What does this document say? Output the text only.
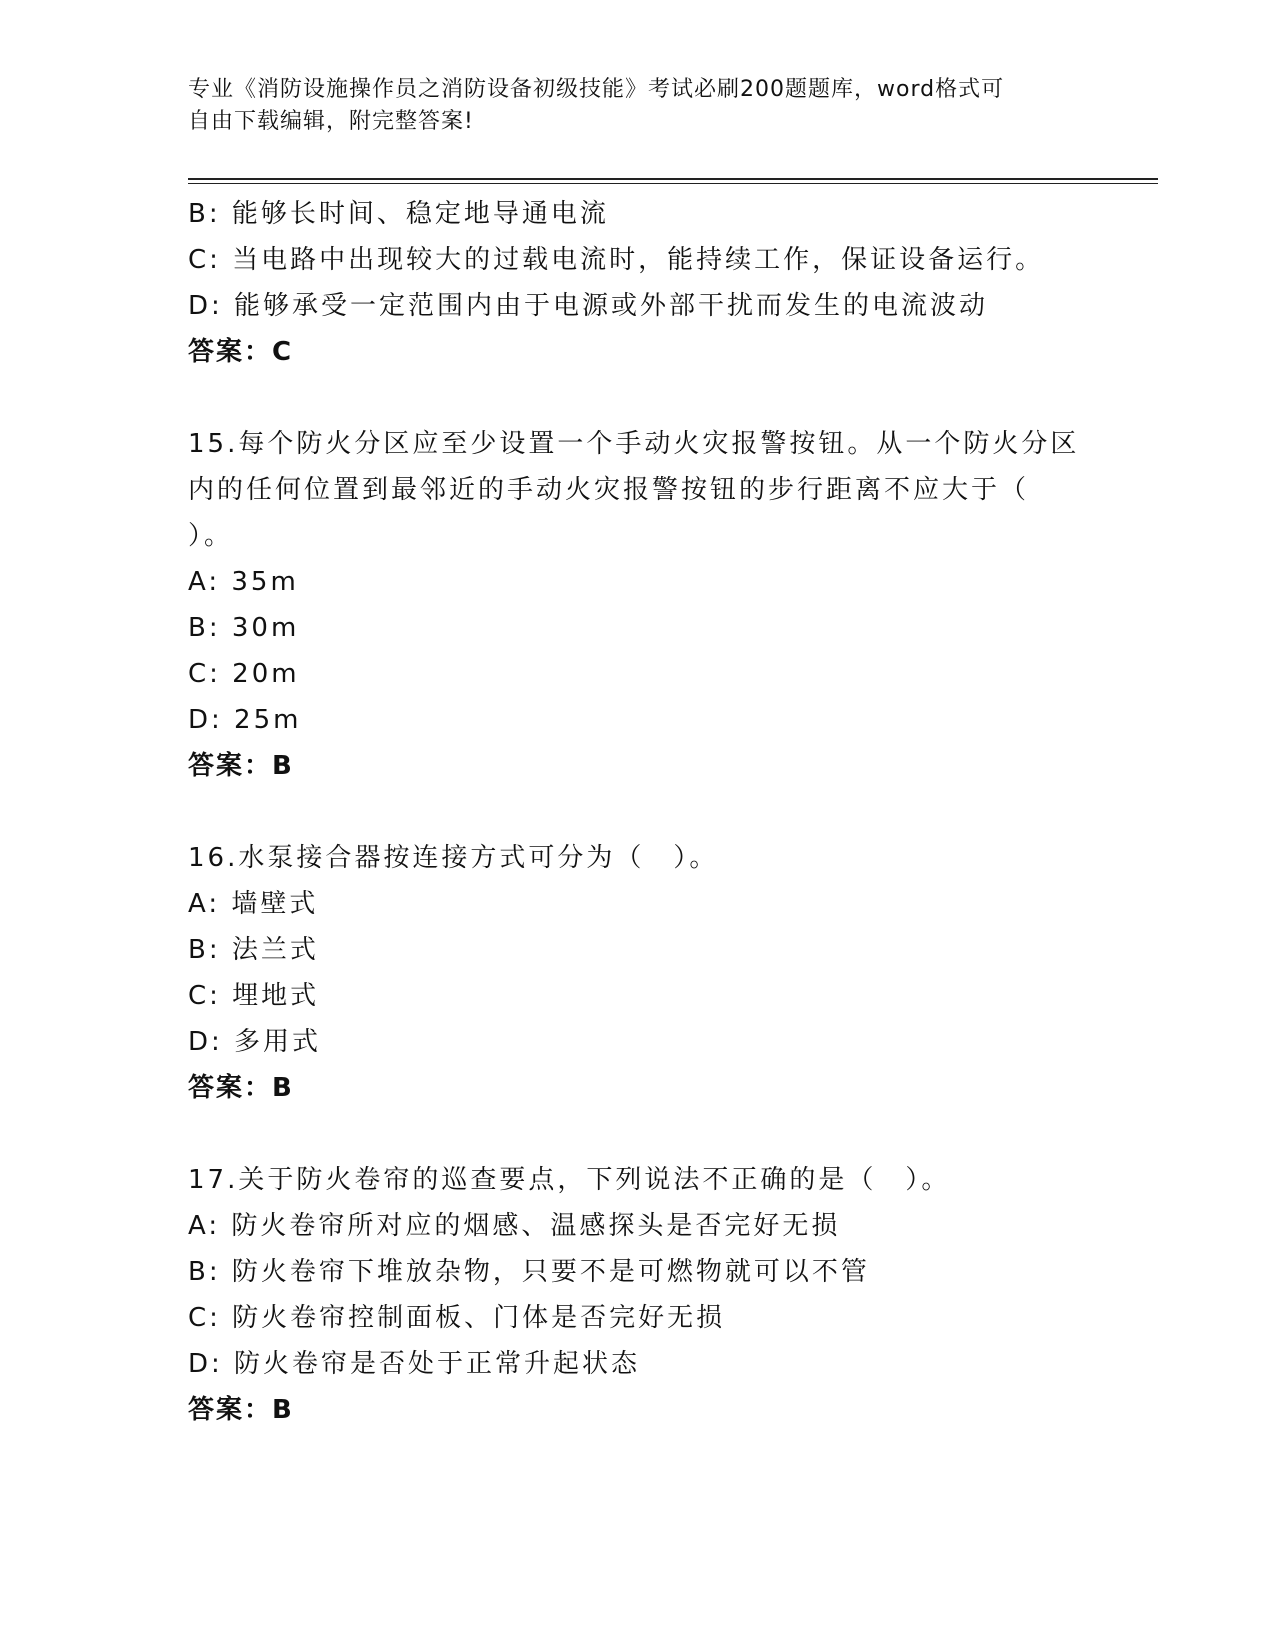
专业《消防设施操作员之消防设备初级技能》考试必刷200题题库，word格式可
自由下载编辑，附完整答案!
B: 能够长时间、稳定地导通电流
C: 当电路中出现较大的过载电流时，能持续工作，保证设备运行。
D: 能够承受一定范围内由于电源或外部干扰而发生的电流波动
答案：C
15.每个防火分区应至少设置一个手动火灾报警按钮。从一个防火分区
内的任何位置到最邻近的手动火灾报警按钮的步行距离不应大于（
）。
A: 35m
B: 30m
C: 20m
D: 25m
答案：B
16.水泵接合器按连接方式可分为（　）。
A: 墙壁式
B: 法兰式
C: 埋地式
D: 多用式
答案：B
17.关于防火卷帘的巡查要点，下列说法不正确的是（　）。
A: 防火卷帘所对应的烟感、温感探头是否完好无损
B: 防火卷帘下堆放杂物，只要不是可燃物就可以不管
C: 防火卷帘控制面板、门体是否完好无损
D: 防火卷帘是否处于正常升起状态
答案：B
